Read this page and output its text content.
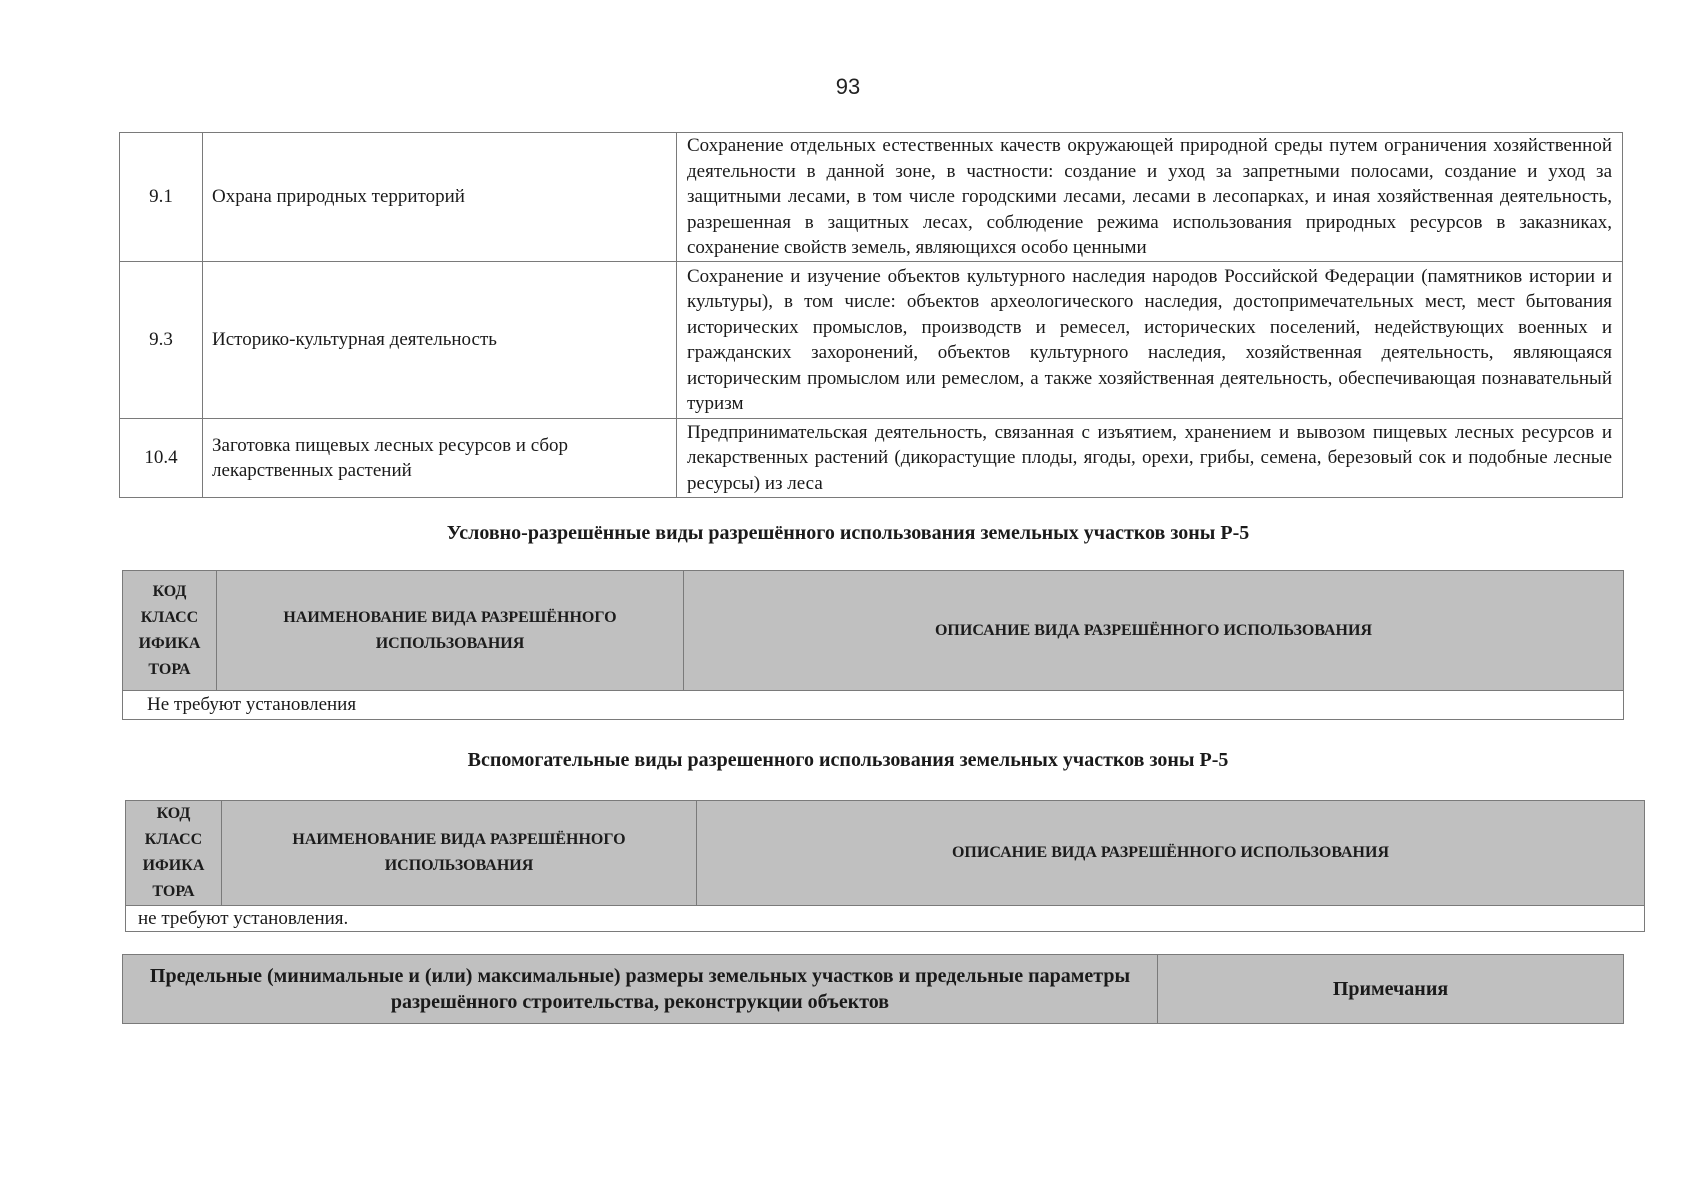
93
9.1	Охрана природных территорий	Сохранение отдельных естественных качеств окружающей природной среды путем ограничения хозяйственной деятельности в данной зоне, в частности: создание и уход за запретными полосами, создание и уход за защитными лесами, в том числе городскими лесами, лесами в лесопарках, и иная хозяйственная деятельность, разрешенная в защитных лесах, соблюдение режима использования природных ресурсов в заказниках, сохранение свойств земель, являющихся особо ценными
9.3	Историко-культурная деятельность	Сохранение и изучение объектов культурного наследия народов Российской Федерации (памятников истории и культуры), в том числе: объектов археологического наследия, достопримечательных мест, мест бытования исторических промыслов, производств и ремесел, исторических поселений, недействующих военных и гражданских захоронений, объектов культурного наследия, хозяйственная деятельность, являющаяся историческим промыслом или ремеслом, а также хозяйственная деятельность, обеспечивающая познавательный туризм
10.4	Заготовка пищевых лесных ресурсов и сбор лекарственных растений	Предпринимательская деятельность, связанная с изъятием, хранением и вывозом пищевых лесных ресурсов и лекарственных растений (дикорастущие плоды, ягоды, орехи, грибы, семена, березовый сок и подобные лесные ресурсы) из леса
Условно-разрешённые виды разрешённого использования земельных участков зоны Р-5
КОД КЛАСС ИФИКА ТОРА	НАИМЕНОВАНИЕ ВИДА РАЗРЕШЁННОГО ИСПОЛЬЗОВАНИЯ	ОПИСАНИЕ ВИДА РАЗРЕШЁННОГО ИСПОЛЬЗОВАНИЯ
Не требуют установления
Вспомогательные виды разрешенного использования земельных участков зоны Р-5
КОД КЛАСС ИФИКА ТОРА	НАИМЕНОВАНИЕ ВИДА РАЗРЕШЁННОГО ИСПОЛЬЗОВАНИЯ	ОПИСАНИЕ ВИДА РАЗРЕШЁННОГО ИСПОЛЬЗОВАНИЯ
не требуют установления.
Предельные (минимальные и (или) максимальные) размеры земельных участков и предельные параметры разрешённого строительства, реконструкции объектов	Примечания
